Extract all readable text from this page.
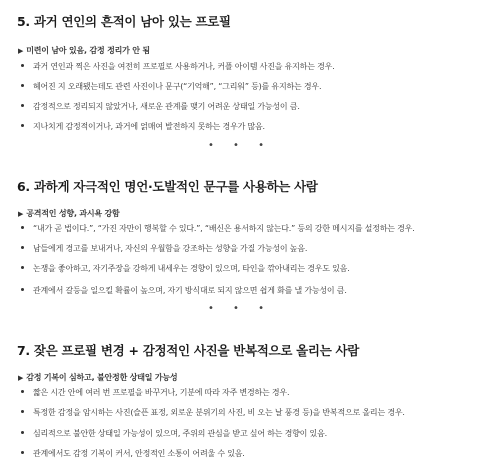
5. 과거 연인의 흔적이 남아 있는 프로필
▶ 미련이 남아 있음, 감정 정리가 안 됨
과거 연인과 찍은 사진을 여전히 프로필로 사용하거나, 커플 아이템 사진을 유지하는 경우.
헤어진 지 오래됐는데도 관련 사진이나 문구(“기억해”, “그리워” 등)를 유지하는 경우.
감정적으로 정리되지 않았거나, 새로운 관계를 맺기 어려운 상태일 가능성이 큼.
지나치게 감정적이거나, 과거에 얽매여 발전하지 못하는 경우가 많음.
• • •
6. 과하게 자극적인 명언·도발적인 문구를 사용하는 사람
▶ 공격적인 성향, 과시욕 강함
“내가 곧 법이다.”, “가진 자만이 행복할 수 있다.”, “배신은 용서하지 않는다.” 등의 강한 메시지를 설정하는 경우.
남들에게 경고를 보내거나, 자신의 우월함을 강조하는 성향을 가질 가능성이 높음.
논쟁을 좋아하고, 자기주장을 강하게 내세우는 경향이 있으며, 타인을 깎아내리는 경우도 있음.
관계에서 갈등을 일으킬 확률이 높으며, 자기 방식대로 되지 않으면 쉽게 화를 낼 가능성이 큼.
• • •
7. 잦은 프로필 변경 + 감정적인 사진을 반복적으로 올리는 사람
▶ 감정 기복이 심하고, 불안정한 상태일 가능성
짧은 시간 안에 여러 번 프로필을 바꾸거나, 기분에 따라 자주 변경하는 경우.
특정한 감정을 암시하는 사진(슬픈 표정, 외로운 분위기의 사진, 비 오는 날 풍경 등)을 반복적으로 올리는 경우.
심리적으로 불안한 상태일 가능성이 있으며, 주위의 관심을 받고 싶어 하는 경향이 있음.
관계에서도 감정 기복이 커서, 안정적인 소통이 어려울 수 있음.
